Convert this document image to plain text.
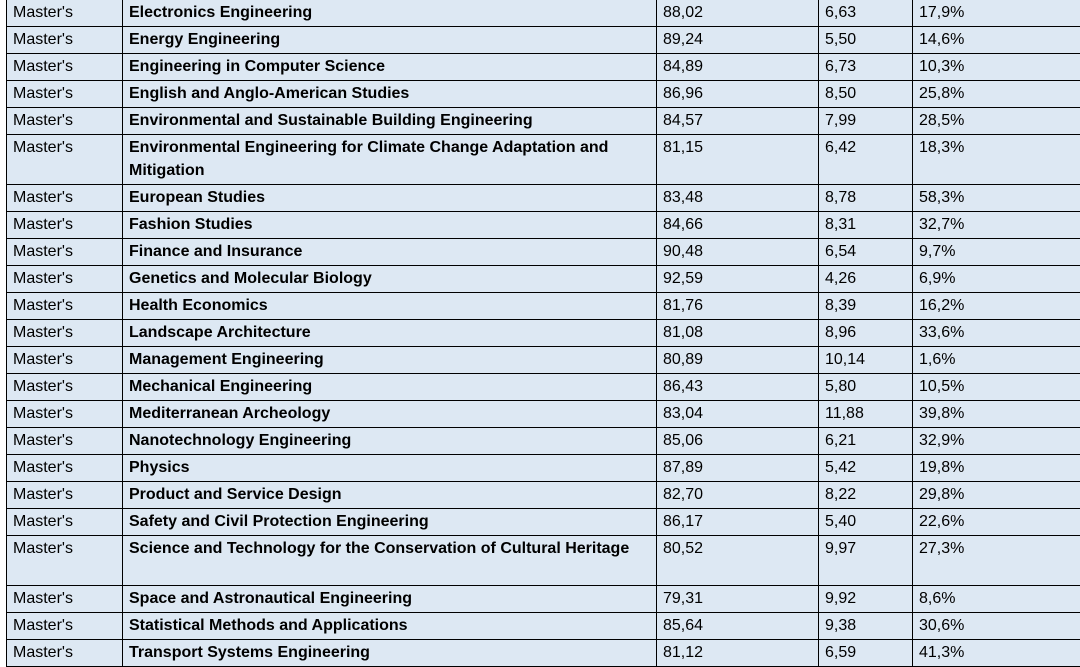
Master's	Electronics Engineering	88,02	6,63	17,9%
Master's	Energy Engineering	89,24	5,50	14,6%
Master's	Engineering in Computer Science	84,89	6,73	10,3%
Master's	English and Anglo-American Studies	86,96	8,50	25,8%
Master's	Environmental and Sustainable Building Engineering	84,57	7,99	28,5%
Master's	Environmental Engineering for Climate Change Adaptation and Mitigation	81,15	6,42	18,3%
Master's	European Studies	83,48	8,78	58,3%
Master's	Fashion Studies	84,66	8,31	32,7%
Master's	Finance and Insurance	90,48	6,54	9,7%
Master's	Genetics and Molecular Biology	92,59	4,26	6,9%
Master's	Health Economics	81,76	8,39	16,2%
Master's	Landscape Architecture	81,08	8,96	33,6%
Master's	Management Engineering	80,89	10,14	1,6%
Master's	Mechanical Engineering	86,43	5,80	10,5%
Master's	Mediterranean Archeology	83,04	11,88	39,8%
Master's	Nanotechnology Engineering	85,06	6,21	32,9%
Master's	Physics	87,89	5,42	19,8%
Master's	Product and Service Design	82,70	8,22	29,8%
Master's	Safety and Civil Protection Engineering	86,17	5,40	22,6%
Master's	Science and Technology for the Conservation of Cultural Heritage	80,52	9,97	27,3%
Master's	Space and Astronautical Engineering	79,31	9,92	8,6%
Master's	Statistical Methods and Applications	85,64	9,38	30,6%
Master's	Transport Systems Engineering	81,12	6,59	41,3%
